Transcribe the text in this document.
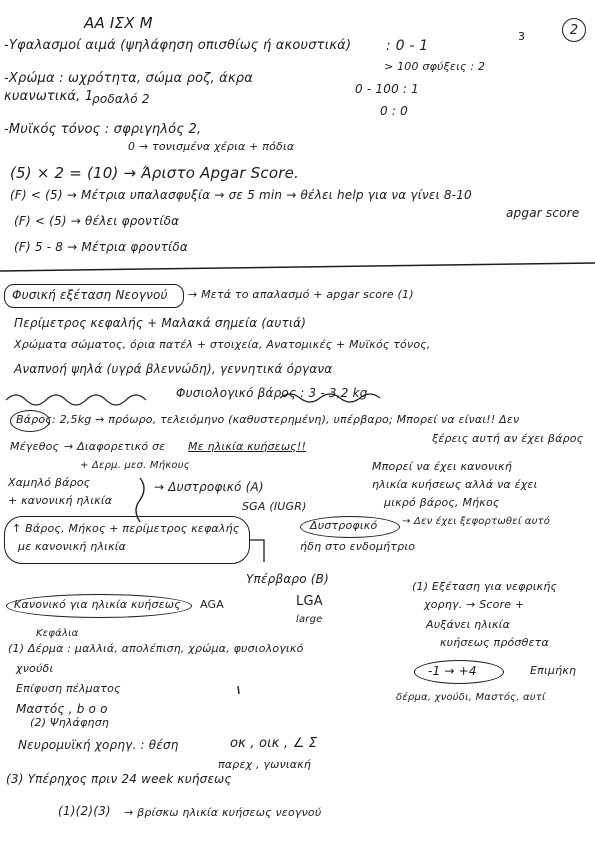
ΑΑ ΙΣΧ Μ
3	2
-Υφαλασμοί αιμά (ψηλάφηση οπισθίως ή ακουστικά) : 0 - 1
> 100 σφύξεις : 2
0 - 100 : 1
0 : 0
-Χρώμα : ωχρότητα, σώμα ροζ, άκρα κυανωτικά, 1
ροδαλό 2
-Μυϊκός τόνος : σφριγηλός 2,
0 → τονισμένα χέρια + πόδια
(5) × 2 = (10) → Άριστο Apgar Score.
(F) < (5) → Μέτρια υπαλασφυξία → σε 5 min → θέλει help για να γίνει 8-10
apgar score
(F) < (5) → θέλει φροντίδα
(F) 5 - 8 → Μέτρια φροντίδα
Φυσική εξέταση Νεογνού → Μετά το απαλασμό + apgar score (1)
Περίμετρος κεφαλής + Μαλακά σημεία (αυτιά)
Χρώματα σώματος, όρια πατέλ + στοιχεία, Ανατομικές + Μυϊκός τόνος,
Αναπνοή ψηλά (υγρά βλεννώδη), γεννητικά όργανα
Φυσιολογικό βάρος : 3 - 3,2 kg
Βάρος : 2,5kg → πρόωρο, τελειόμηνο (καθυστερημένη), υπέρβαρο; Μπορεί να είναι!! Δεν
Μέγεθος → Διαφορετικό σε Με ηλικία κυήσεως!!
ξέρεις αυτή αν έχει βάρος
+ Δερμ. μεσ. Μήκους
Χαμηλό βάρος
+ κανονική ηλικία
→ Δυστροφικό (A)
Μπορεί να έχει κανονική
SGA (IUGR)
ηλικία κυήσεως αλλά να έχει
μικρό βάρος, Μήκος
↑ Βάρος, Μήκος + περίμετρος κεφαλής
με κανονική ηλικία
Δυστροφικό → Δεν έχει ξεφορτωθεί αυτό
ήδη στο ενδομήτριο
Υπέρβαρο (B)
Κανονικό για ηλικία κυήσεως AGA	LGA
large
(1) Εξέταση για νεφρικής
χορηγ. → Score +
Αυξάνει ηλικία
κυήσεως πρόσθετα
-1 → +4	Επιμήκη
δέρμα, χνούδι, Μαστός, αυτί
Κεφάλια
(1) Δέρμα : μαλλιά, απολέπιση, χρώμα, φυσιολογικό
χνούδι
Επίφυση πέλματος
Μαστός , b o o
(2) Ψηλάφηση
Νευρομυϊκή χορηγ. : θέση	οκ , οικ , ∠ Σ
παρεχ , γωνιακή
(3) Υπέρηχος πριν 24 week κυήσεως
(1)(2)(3) → βρίσκω ηλικία κυήσεως νεογνού
